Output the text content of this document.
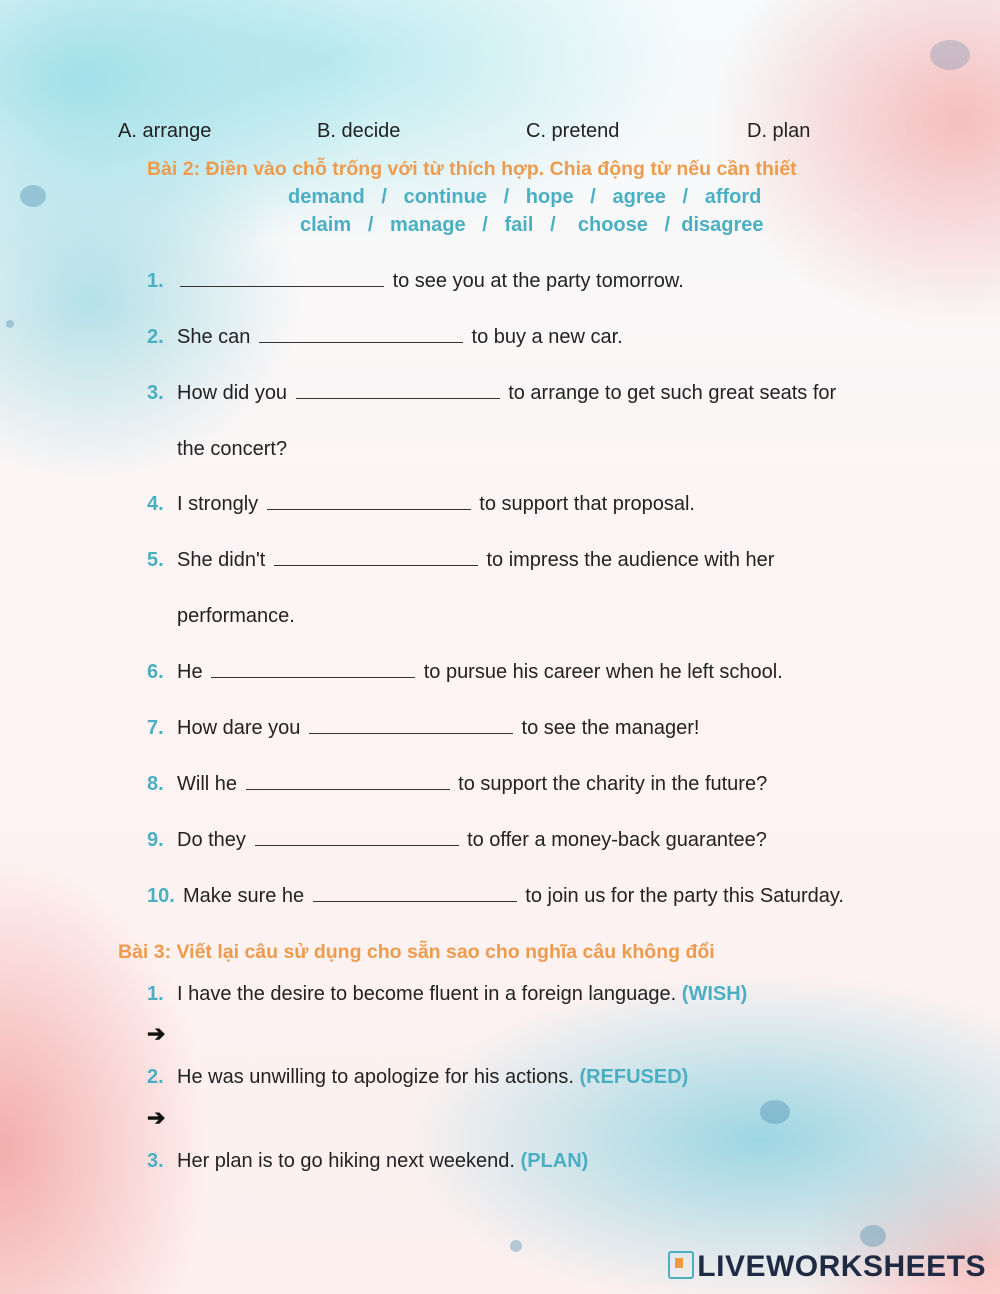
A. arrange	B. decide	C. pretend	D. plan
Bài 2: Điền vào chỗ trống với từ thích hợp. Chia động từ nếu cần thiết
demand   /   continue   /   hope   /   agree   /   afford
claim   /   manage   /   fail   /    choose   /  disagree
1.	to see you at the party tomorrow.
2. She can	to buy a new car.
3. How did you	to arrange to get such great seats for
the concert?
4. I strongly	to support that proposal.
5. She didn't	to impress the audience with her
performance.
6. He	to pursue his career when he left school.
7. How dare you	to see the manager!
8. Will he	to support the charity in the future?
9. Do they	to offer a money-back guarantee?
10. Make sure he	to join us for the party this Saturday.
Bài 3: Viết lại câu sử dụng cho sẵn sao cho nghĩa câu không đổi
1. I have the desire to become fluent in a foreign language. (WISH)
➔
2. He was unwilling to apologize for his actions. (REFUSED)
➔
3. Her plan is to go hiking next weekend. (PLAN)
LIVEWORKSHEETS
